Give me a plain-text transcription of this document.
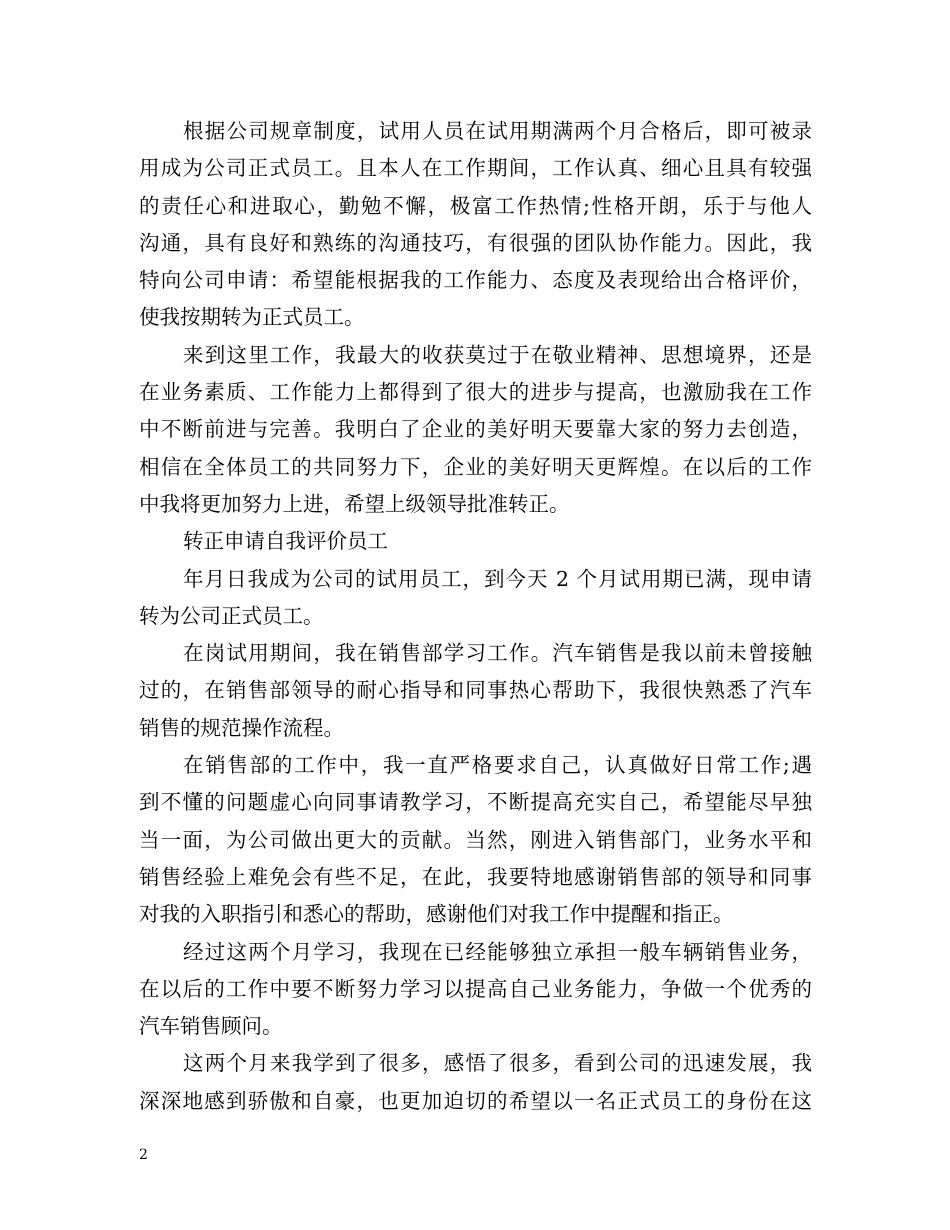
根据公司规章制度，试用人员在试用期满两个月合格后，即可被录
用成为公司正式员工。且本人在工作期间，工作认真、细心且具有较强
的责任心和进取心，勤勉不懈，极富工作热情;性格开朗，乐于与他人
沟通，具有良好和熟练的沟通技巧，有很强的团队协作能力。因此，我
特向公司申请：希望能根据我的工作能力、态度及表现给出合格评价，
使我按期转为正式员工。
来到这里工作，我最大的收获莫过于在敬业精神、思想境界，还是
在业务素质、工作能力上都得到了很大的进步与提高，也激励我在工作
中不断前进与完善。我明白了企业的美好明天要靠大家的努力去创造，
相信在全体员工的共同努力下，企业的美好明天更辉煌。在以后的工作
中我将更加努力上进，希望上级领导批准转正。
转正申请自我评价员工
年月日我成为公司的试用员工，到今天 2 个月试用期已满，现申请
转为公司正式员工。
在岗试用期间，我在销售部学习工作。汽车销售是我以前未曾接触
过的，在销售部领导的耐心指导和同事热心帮助下，我很快熟悉了汽车
销售的规范操作流程。
在销售部的工作中，我一直严格要求自己，认真做好日常工作;遇
到不懂的问题虚心向同事请教学习，不断提高充实自己，希望能尽早独
当一面，为公司做出更大的贡献。当然，刚进入销售部门，业务水平和
销售经验上难免会有些不足，在此，我要特地感谢销售部的领导和同事
对我的入职指引和悉心的帮助，感谢他们对我工作中提醒和指正。
经过这两个月学习，我现在已经能够独立承担一般车辆销售业务，
在以后的工作中要不断努力学习以提高自己业务能力，争做一个优秀的
汽车销售顾问。
这两个月来我学到了很多，感悟了很多，看到公司的迅速发展，我
深深地感到骄傲和自豪，也更加迫切的希望以一名正式员工的身份在这
2
